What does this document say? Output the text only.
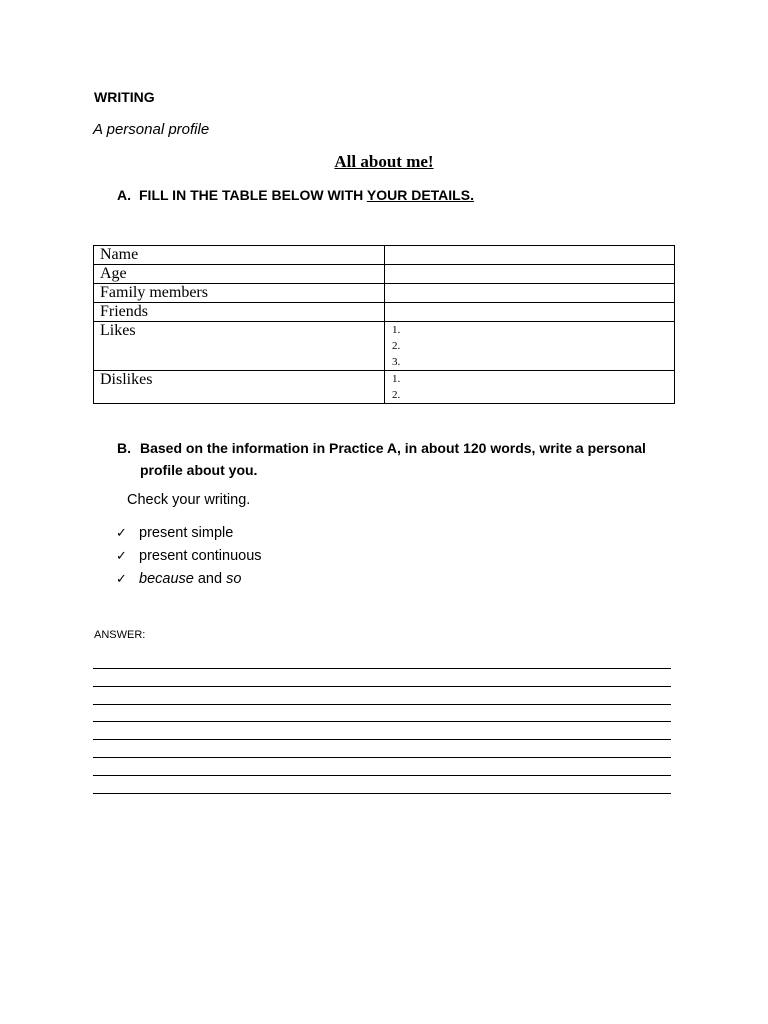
WRITING
A personal profile
All about me!
A. FILL IN THE TABLE BELOW WITH YOUR DETAILS.
Name	
Age	
Family members	
Friends	
Likes	1.
2.
3.

Dislikes	1.
2.
B. Based on the information in Practice A, in about 120 words, write a personal profile about you.
Check your writing.
✓ present simple
✓ present continuous
✓ because and so
ANSWER:
